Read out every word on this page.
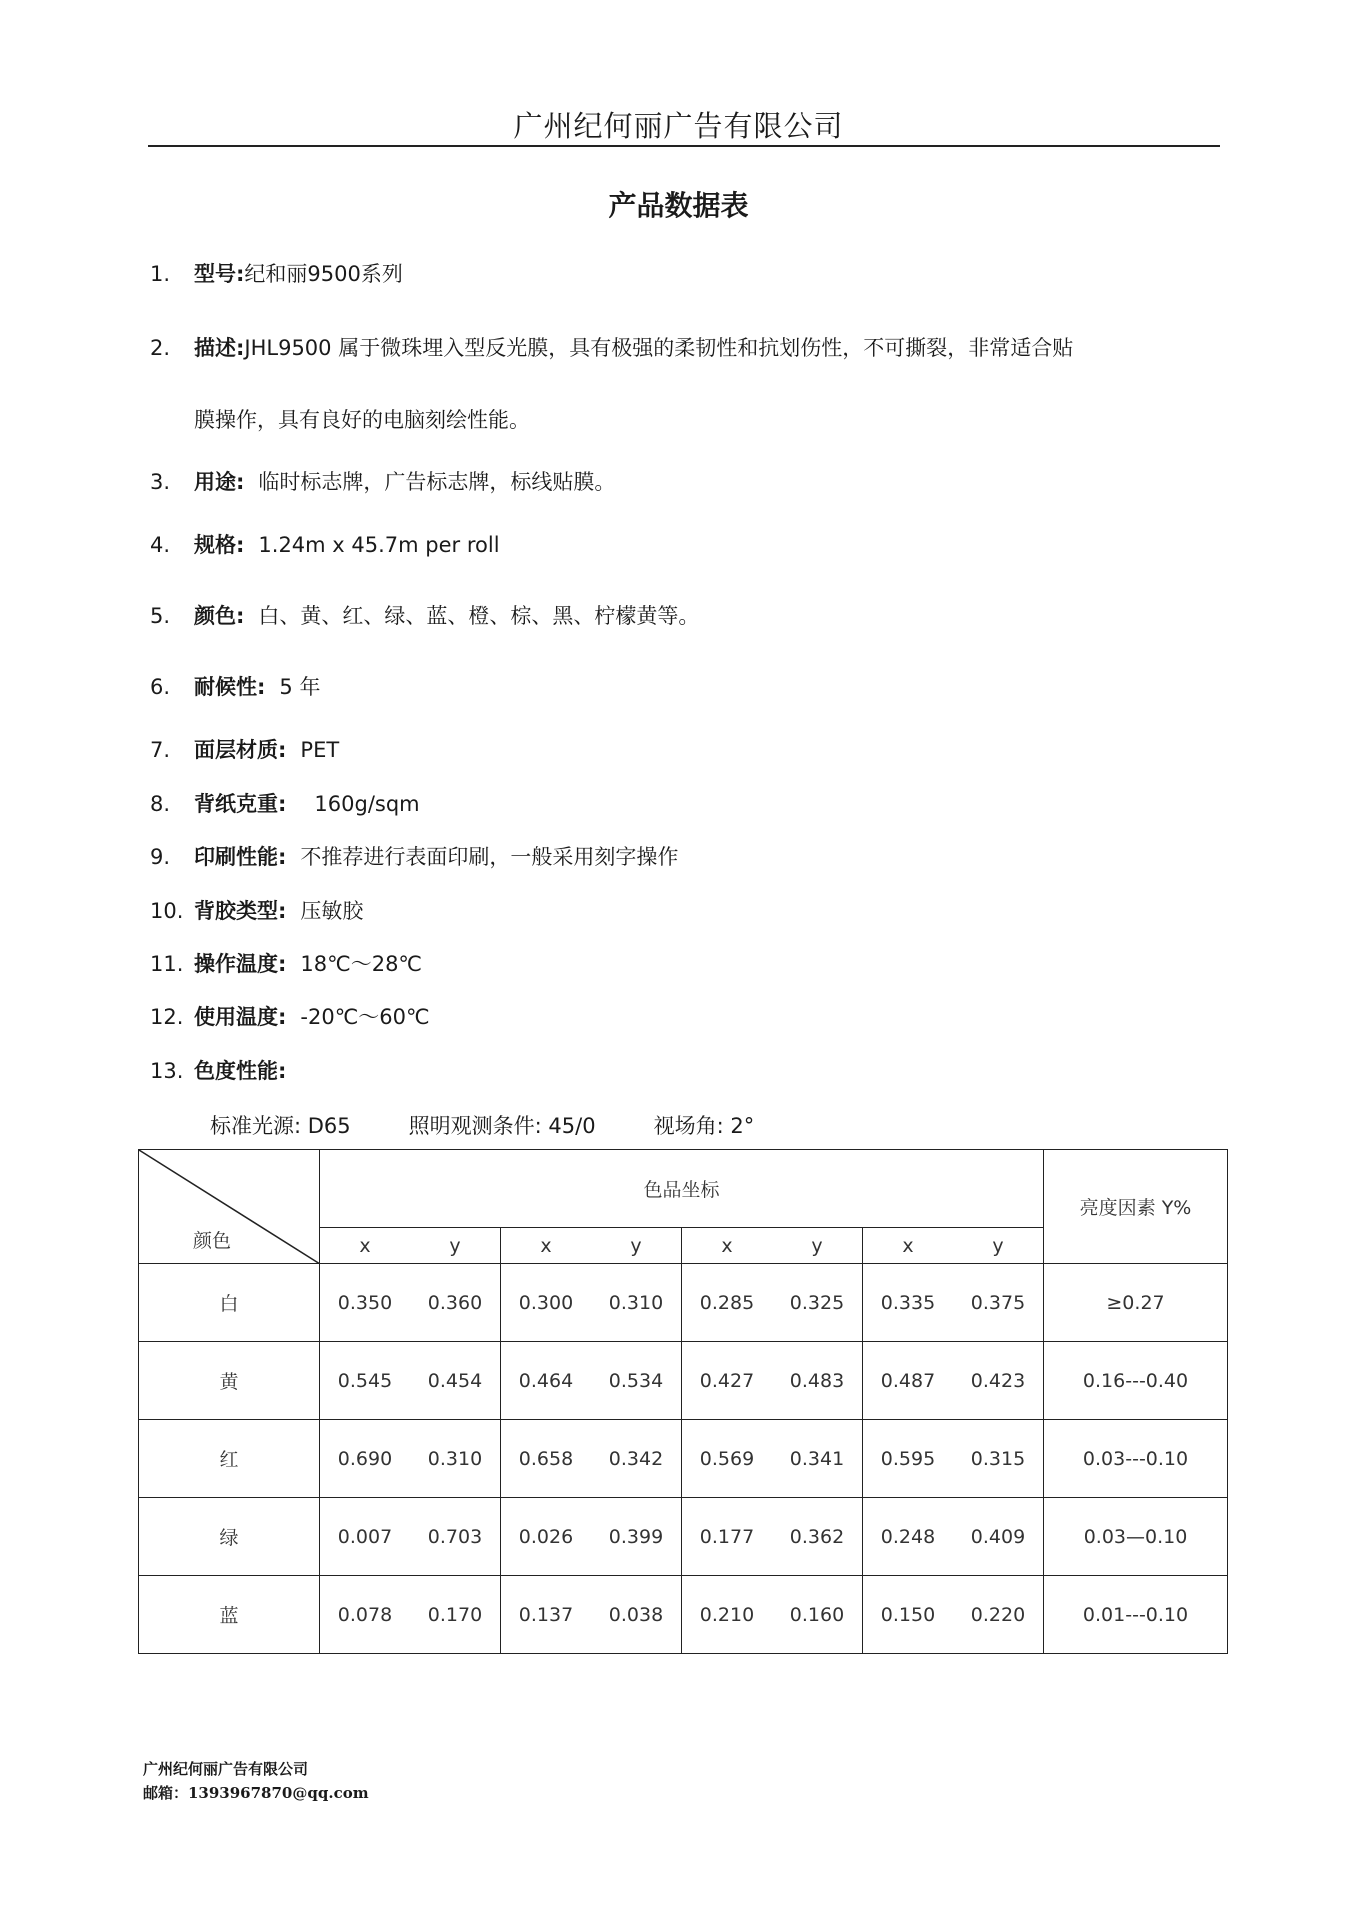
广州纪何丽广告有限公司
产品数据表
1. 型号:纪和丽9500系列
2. 描述:JHL9500 属于微珠埋入型反光膜，具有极强的柔韧性和抗划伤性，不可撕裂，非常适合贴
膜操作，具有良好的电脑刻绘性能。
3. 用途: 临时标志牌，广告标志牌，标线贴膜。
4. 规格: 1.24m x 45.7m per roll
5. 颜色: 白、黄、红、绿、蓝、橙、棕、黑、柠檬黄等。
6. 耐候性: 5 年
7. 面层材质: PET
8. 背纸克重: 160g/sqm
9. 印刷性能: 不推荐进行表面印刷，一般采用刻字操作
10. 背胶类型: 压敏胶
11. 操作温度: 18℃～28℃
12. 使用温度: -20℃～60℃
13. 色度性能:
标准光源: D65	照明观测条件: 45/0	视场角: 2°
颜色	色品坐标				亮度因素 Y%

	x y	x y	x y	x y	

白	0.350 0.360	0.300 0.310	0.285 0.325	0.335 0.375	≥0.27
黄	0.545 0.454	0.464 0.534	0.427 0.483	0.487 0.423	0.16---0.40
红	0.690 0.310	0.658 0.342	0.569 0.341	0.595 0.315	0.03---0.10
绿	0.007 0.703	0.026 0.399	0.177 0.362	0.248 0.409	0.03—0.10
蓝	0.078 0.170	0.137 0.038	0.210 0.160	0.150 0.220	0.01---0.10
广州纪何丽广告有限公司
邮箱：1393967870@qq.com
